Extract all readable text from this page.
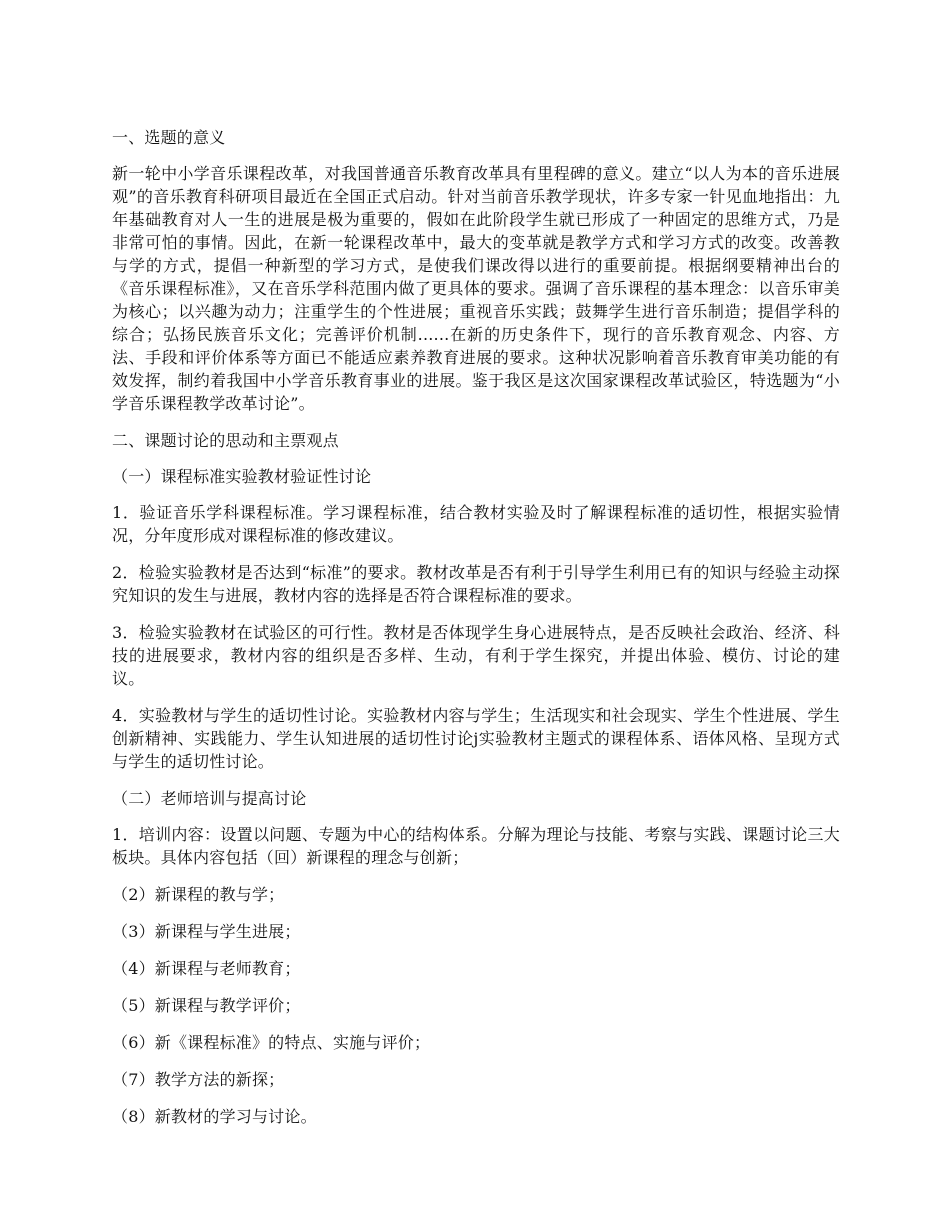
一、选题的意义

新一轮中小学音乐课程改革，对我国普通音乐教育改革具有里程碑的意义。建立“以人为本的音乐进展观”的音乐教育科研项目最近在全国正式启动。针对当前音乐教学现状，许多专家一针见血地指出：九年基础教育对人一生的进展是极为重要的，假如在此阶段学生就已形成了一种固定的思维方式，乃是非常可怕的事情。因此，在新一轮课程改革中，最大的变革就是教学方式和学习方式的改变。改善教与学的方式，提倡一种新型的学习方式，是使我们课改得以进行的重要前提。根据纲要精神出台的《音乐课程标准》，又在音乐学科范围内做了更具体的要求。强调了音乐课程的基本理念：以音乐审美为核心；以兴趣为动力；注重学生的个性进展；重视音乐实践；鼓舞学生进行音乐制造；提倡学科的综合；弘扬民族音乐文化；完善评价机制......在新的历史条件下，现行的音乐教育观念、内容、方法、手段和评价体系等方面已不能适应素养教育进展的要求。这种状况影响着音乐教育审美功能的有效发挥，制约着我国中小学音乐教育事业的进展。鉴于我区是这次国家课程改革试验区，特选题为“小学音乐课程教学改革讨论”。

二、课题讨论的思动和主票观点

（一）课程标准实验教材验证性讨论

1．验证音乐学科课程标准。学习课程标准，结合教材实验及时了解课程标准的适切性，根据实验情况，分年度形成对课程标准的修改建议。

2．检验实验教材是否达到“标准”的要求。教材改革是否有利于引导学生利用已有的知识与经验主动探究知识的发生与进展，教材内容的选择是否符合课程标准的要求。

3．检验实验教材在试验区的可行性。教材是否体现学生身心进展特点，是否反映社会政治、经济、科技的进展要求，教材内容的组织是否多样、生动，有利于学生探究，并提出体验、模仿、讨论的建议。

4．实验教材与学生的适切性讨论。实验教材内容与学生；生活现实和社会现实、学生个性进展、学生创新精神、实践能力、学生认知进展的适切性讨论j实验教材主题式的课程体系、语体风格、呈现方式与学生的适切性讨论。

（二）老师培训与提高讨论

1．培训内容：设置以问题、专题为中心的结构体系。分解为理论与技能、考察与实践、课题讨论三大板块。具体内容包括（回）新课程的理念与创新；

（2）新课程的教与学；

（3）新课程与学生进展；

（4）新课程与老师教育；

（5）新课程与教学评价；

（6）新《课程标准》的特点、实施与评价；

（7）教学方法的新探；

（8）新教材的学习与讨论。
